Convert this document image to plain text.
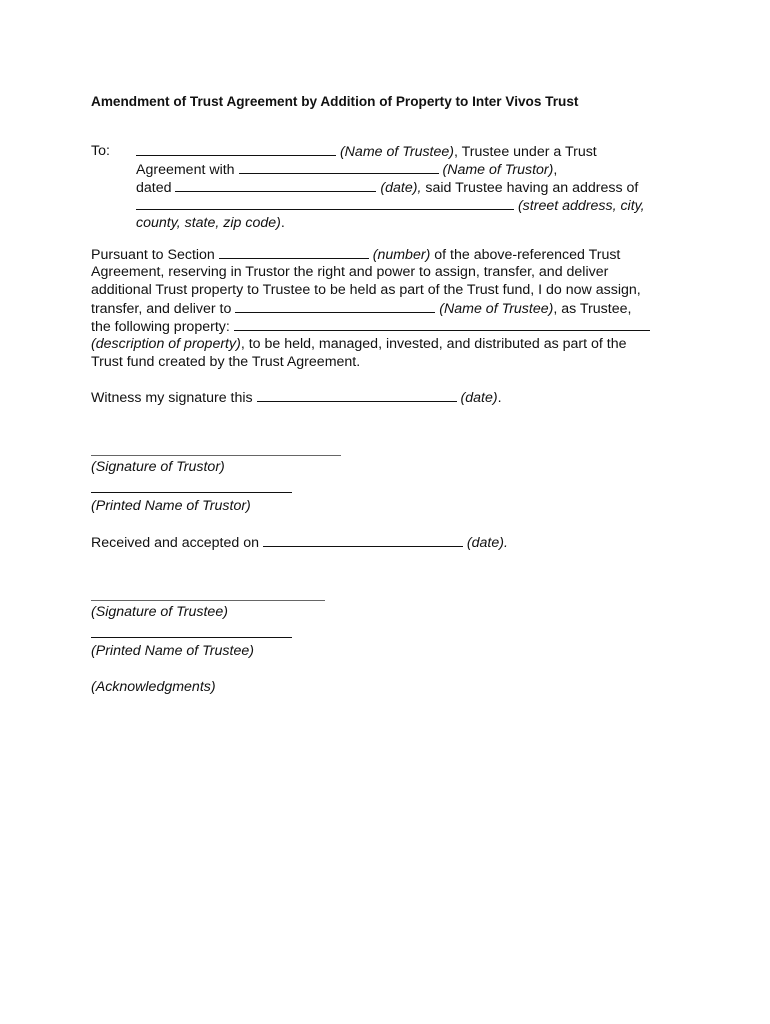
Amendment of Trust Agreement by Addition of Property to Inter Vivos Trust
To:	(Name of Trustee), Trustee under a Trust
Agreement with	(Name of Trustor),
dated	(date), said Trustee having an address of
(street address, city,
county, state, zip code).
Pursuant to Section	(number) of the above-referenced Trust
Agreement, reserving in Trustor the right and power to assign, transfer, and deliver
additional Trust property to Trustee to be held as part of the Trust fund, I do now assign,
transfer, and deliver to	(Name of Trustee), as Trustee,
the following property:
(description of property), to be held, managed, invested, and distributed as part of the
Trust fund created by the Trust Agreement.
Witness my signature this	(date).
(Signature of Trustor)
(Printed Name of Trustor)
Received and accepted on	(date).
(Signature of Trustee)
(Printed Name of Trustee)
(Acknowledgments)
